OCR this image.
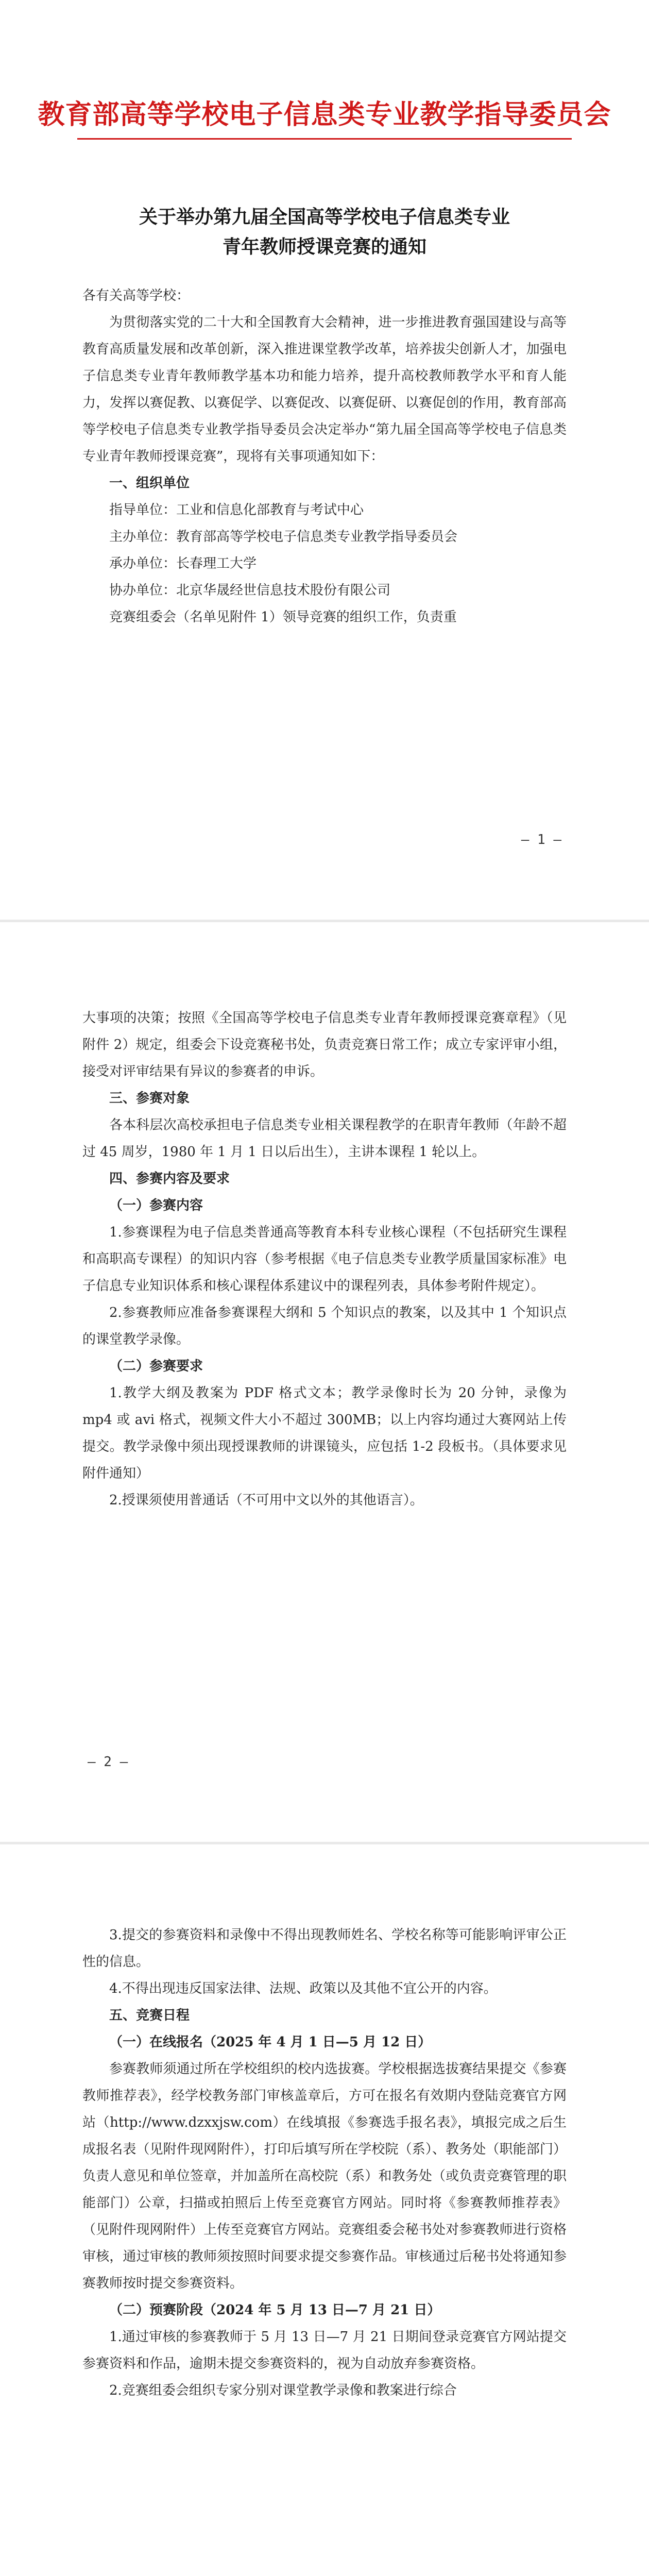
教育部高等学校电子信息类专业教学指导委员会
关于举办第九届全国高等学校电子信息类专业
青年教师授课竞赛的通知

各有关高等学校：

为贯彻落实党的二十大和全国教育大会精神，进一步推进教育强国建设与高等教育高质量发展和改革创新，深入推进课堂教学改革，培养拔尖创新人才，加强电子信息类专业青年教师教学基本功和能力培养，提升高校教师教学水平和育人能力，发挥以赛促教、以赛促学、以赛促改、以赛促研、以赛促创的作用，教育部高等学校电子信息类专业教学指导委员会决定举办“第九届全国高等学校电子信息类专业青年教师授课竞赛”，现将有关事项通知如下：

一、组织单位

指导单位：工业和信息化部教育与考试中心

主办单位：教育部高等学校电子信息类专业教学指导委员会

承办单位：长春理工大学

协办单位：北京华晟经世信息技术股份有限公司

竞赛组委会（名单见附件 1）领导竞赛的组织工作，负责重

— 1 —

大事项的决策；按照《全国高等学校电子信息类专业青年教师授课竞赛章程》（见附件 2）规定，组委会下设竞赛秘书处，负责竞赛日常工作；成立专家评审小组，接受对评审结果有异议的参赛者的申诉。

三、参赛对象

各本科层次高校承担电子信息类专业相关课程教学的在职青年教师（年龄不超过 45 周岁，1980 年 1 月 1 日以后出生），主讲本课程 1 轮以上。

四、参赛内容及要求

（一）参赛内容

1.参赛课程为电子信息类普通高等教育本科专业核心课程（不包括研究生课程和高职高专课程）的知识内容（参考根据《电子信息类专业教学质量国家标准》电子信息专业知识体系和核心课程体系建议中的课程列表，具体参考附件规定）。

2.参赛教师应准备参赛课程大纲和 5 个知识点的教案，以及其中 1 个知识点的课堂教学录像。

（二）参赛要求

1.教学大纲及教案为 PDF 格式文本；教学录像时长为 20 分钟，录像为 mp4 或 avi 格式，视频文件大小不超过 300MB；以上内容均通过大赛网站上传提交。教学录像中须出现授课教师的讲课镜头，应包括 1-2 段板书。（具体要求见附件通知）

2.授课须使用普通话（不可用中文以外的其他语言）。

— 2 —

3.提交的参赛资料和录像中不得出现教师姓名、学校名称等可能影响评审公正性的信息。

4.不得出现违反国家法律、法规、政策以及其他不宜公开的内容。

五、竞赛日程

（一）在线报名（2025 年 4 月 1 日—5 月 12 日）

参赛教师须通过所在学校组织的校内选拔赛。学校根据选拔赛结果提交《参赛教师推荐表》，经学校教务部门审核盖章后，方可在报名有效期内登陆竞赛官方网站（http://www.dzxxjsw.com）在线填报《参赛选手报名表》，填报完成之后生成报名表（见附件现网附件），打印后填写所在学校院（系）、教务处（职能部门）负责人意见和单位签章，并加盖所在高校院（系）和教务处（或负责竞赛管理的职能部门）公章，扫描或拍照后上传至竞赛官方网站。同时将《参赛教师推荐表》（见附件现网附件）上传至竞赛官方网站。竞赛组委会秘书处对参赛教师进行资格审核，通过审核的教师须按照时间要求提交参赛作品。审核通过后秘书处将通知参赛教师按时提交参赛资料。

（二）预赛阶段（2024 年 5 月 13 日—7 月 21 日）

1.通过审核的参赛教师于 5 月 13 日—7 月 21 日期间登录竞赛官方网站提交参赛资料和作品，逾期未提交参赛资料的，视为自动放弃参赛资格。

2.竞赛组委会组织专家分别对课堂教学录像和教案进行综合
